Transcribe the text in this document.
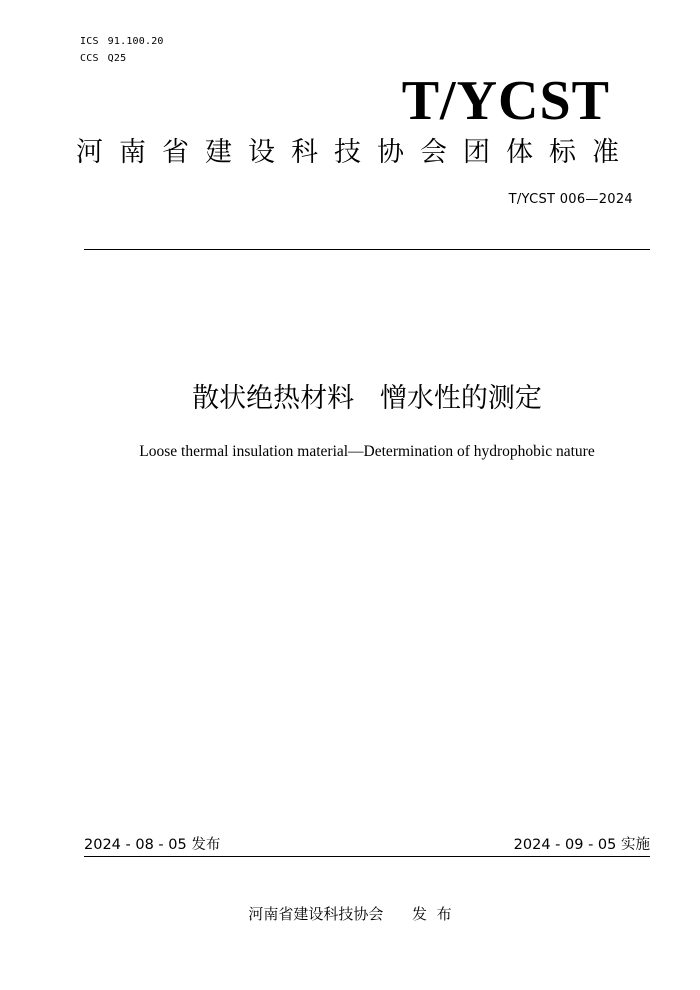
ICS 91.100.20
CCS Q25
T/YCST
河南省建设科技协会团体标准
T/YCST 006—2024
散状绝热材料   憎水性的测定
Loose thermal insulation material—Determination of hydrophobic nature
2024 - 08 - 05 发布	2024 - 09 - 05 实施
河南省建设科技协会      发  布
